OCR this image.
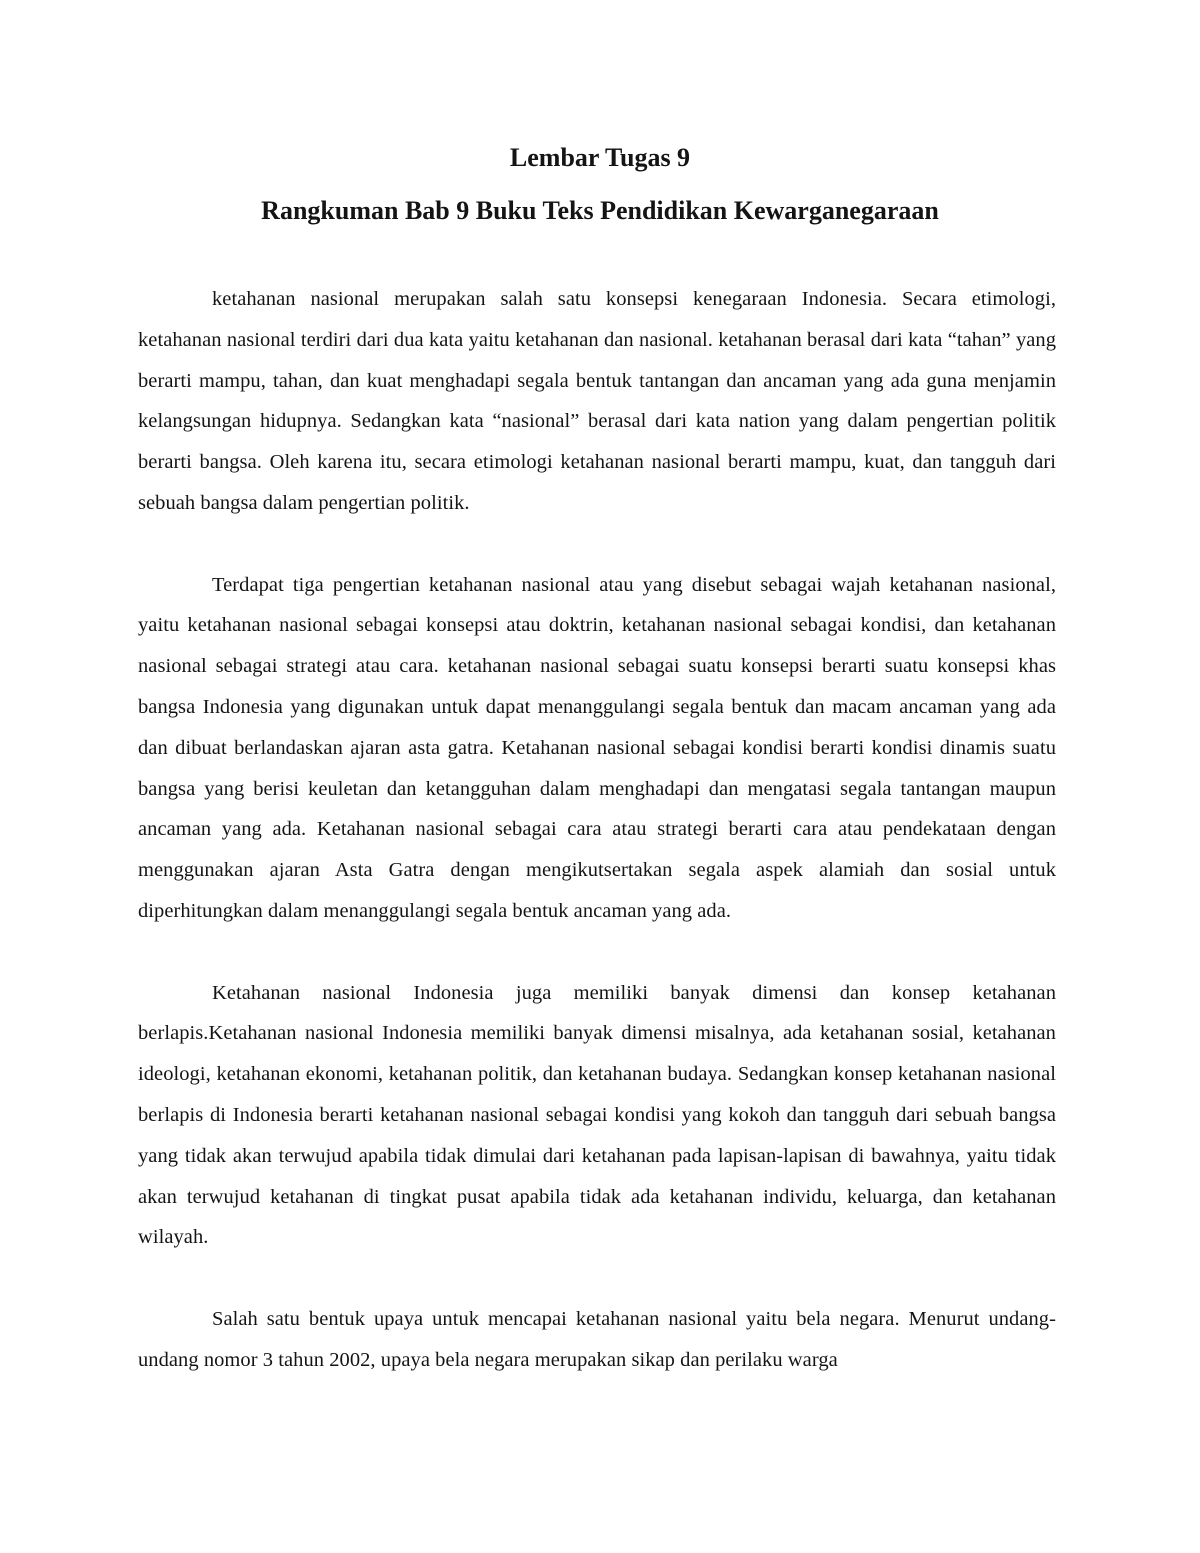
Lembar Tugas 9
Rangkuman Bab 9 Buku Teks Pendidikan Kewarganegaraan

ketahanan nasional merupakan salah satu konsepsi kenegaraan Indonesia. Secara etimologi, ketahanan nasional terdiri dari dua kata yaitu ketahanan dan nasional. ketahanan berasal dari kata “tahan” yang berarti mampu, tahan, dan kuat menghadapi segala bentuk tantangan dan ancaman yang ada guna menjamin kelangsungan hidupnya. Sedangkan kata “nasional” berasal dari kata nation yang dalam pengertian politik berarti bangsa. Oleh karena itu, secara etimologi ketahanan nasional berarti mampu, kuat, dan tangguh dari sebuah bangsa dalam pengertian politik.

Terdapat tiga pengertian ketahanan nasional atau yang disebut sebagai wajah ketahanan nasional, yaitu ketahanan nasional sebagai konsepsi atau doktrin, ketahanan nasional sebagai kondisi, dan ketahanan nasional sebagai strategi atau cara. ketahanan nasional sebagai suatu konsepsi berarti suatu konsepsi khas bangsa Indonesia yang digunakan untuk dapat menanggulangi segala bentuk dan macam ancaman yang ada dan dibuat berlandaskan ajaran asta gatra. Ketahanan nasional sebagai kondisi berarti kondisi dinamis suatu bangsa yang berisi keuletan dan ketangguhan dalam menghadapi dan mengatasi segala tantangan maupun ancaman yang ada. Ketahanan nasional sebagai cara atau strategi berarti cara atau pendekataan dengan menggunakan ajaran Asta Gatra dengan mengikutsertakan segala aspek alamiah dan sosial untuk diperhitungkan dalam menanggulangi segala bentuk ancaman yang ada.

Ketahanan nasional Indonesia juga memiliki banyak dimensi dan konsep ketahanan berlapis.Ketahanan nasional Indonesia memiliki banyak dimensi misalnya, ada ketahanan sosial, ketahanan ideologi, ketahanan ekonomi, ketahanan politik, dan ketahanan budaya. Sedangkan konsep ketahanan nasional berlapis di Indonesia berarti ketahanan nasional sebagai kondisi yang kokoh dan tangguh dari sebuah bangsa yang tidak akan terwujud apabila tidak dimulai dari ketahanan pada lapisan-lapisan di bawahnya, yaitu tidak akan terwujud ketahanan di tingkat pusat apabila tidak ada ketahanan individu, keluarga, dan ketahanan wilayah.

Salah satu bentuk upaya untuk mencapai ketahanan nasional yaitu bela negara. Menurut undang-undang nomor 3 tahun 2002, upaya bela negara merupakan sikap dan perilaku warga
